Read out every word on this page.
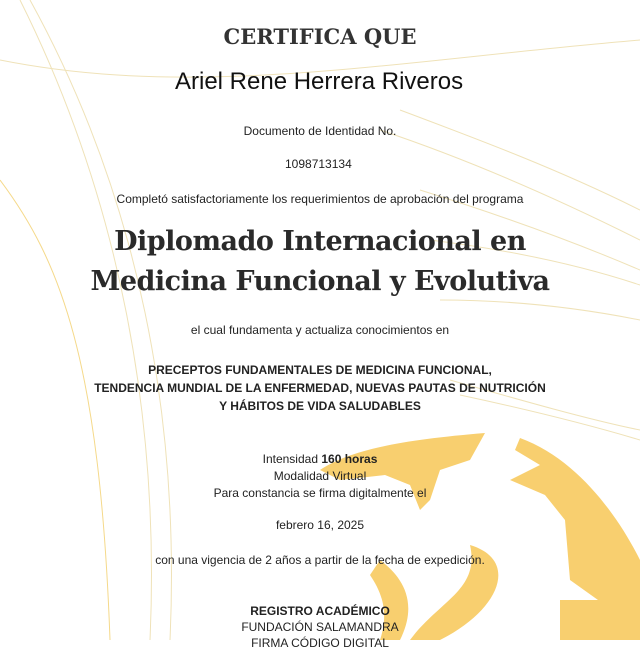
CERTIFICA QUE
Ariel Rene Herrera Riveros
Documento de Identidad No.
1098713134
Completó satisfactoriamente los requerimientos de aprobación del programa
Diplomado Internacional en
Medicina Funcional y Evolutiva
el cual fundamenta y actualiza conocimientos en
PRECEPTOS FUNDAMENTALES DE MEDICINA FUNCIONAL,
TENDENCIA MUNDIAL DE LA ENFERMEDAD, NUEVAS PAUTAS DE NUTRICIÓN
Y HÁBITOS DE VIDA SALUDABLES
Intensidad 160 horas
Modalidad Virtual
Para constancia se firma digitalmente el
febrero 16, 2025
con una vigencia de 2 años a partir de la fecha de expedición.
REGISTRO ACADÉMICO
FUNDACIÓN SALAMANDRA
FIRMA CÓDIGO DIGITAL
